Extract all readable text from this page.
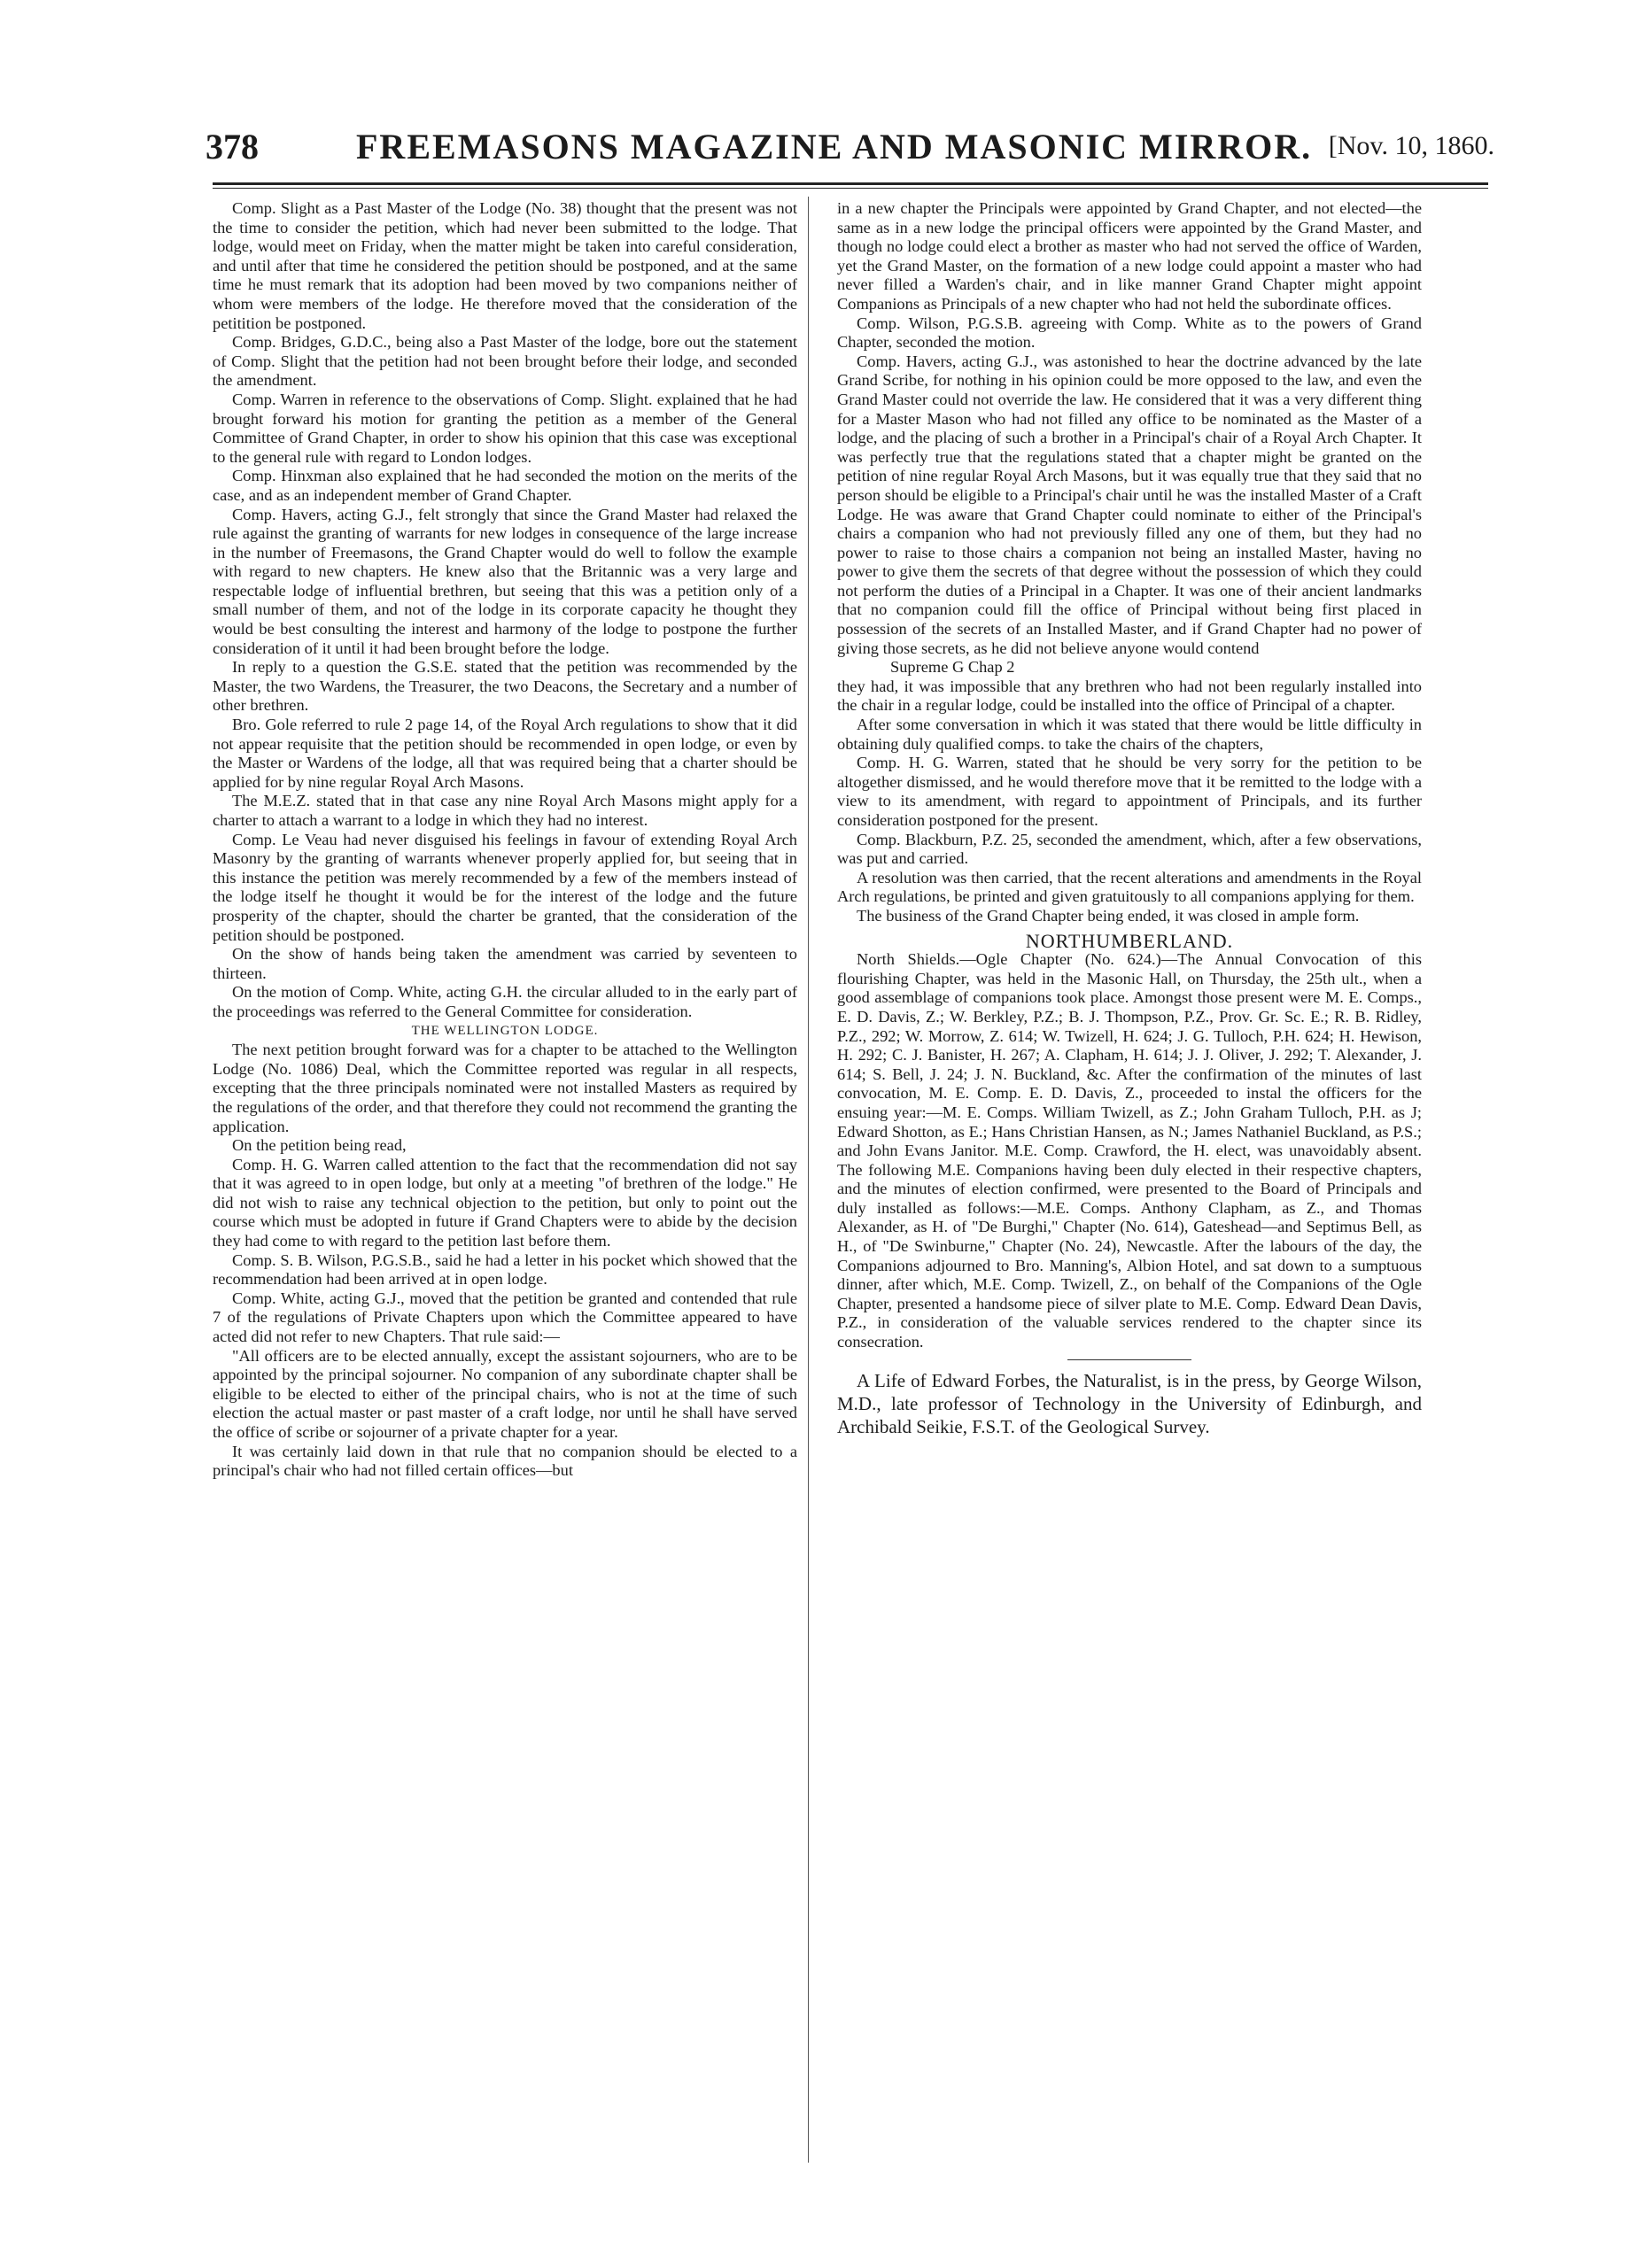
378	FREEMASONS MAGAZINE AND MASONIC MIRROR. [Nov. 10, 1860.

Comp. Slight as a Past Master of the Lodge (No. 38) thought that the present was not the time to consider the petition, which had never been submitted to the lodge. That lodge, would meet on Friday, when the matter might be taken into careful consideration, and until after that time he considered the petition should be postponed, and at the same time he must remark that its adoption had been moved by two companions neither of whom were members of the lodge. He therefore moved that the consideration of the petitition be postponed.

Comp. Bridges, G.D.C., being also a Past Master of the lodge, bore out the statement of Comp. Slight that the petition had not been brought before their lodge, and seconded the amendment.

Comp. Warren in reference to the observations of Comp. Slight. explained that he had brought forward his motion for granting the petition as a member of the General Committee of Grand Chapter, in order to show his opinion that this case was exceptional to the general rule with regard to London lodges.

Comp. Hinxman also explained that he had seconded the motion on the merits of the case, and as an independent member of Grand Chapter.

Comp. Havers, acting G.J., felt strongly that since the Grand Master had relaxed the rule against the granting of warrants for new lodges in consequence of the large increase in the number of Freemasons, the Grand Chapter would do well to follow the example with regard to new chapters. He knew also that the Britannic was a very large and respectable lodge of influential brethren, but seeing that this was a petition only of a small number of them, and not of the lodge in its corporate capacity he thought they would be best consulting the interest and harmony of the lodge to postpone the further consideration of it until it had been brought before the lodge.

In reply to a question the G.S.E. stated that the petition was recommended by the Master, the two Wardens, the Treasurer, the two Deacons, the Secretary and a number of other brethren.

Bro. Gole referred to rule 2 page 14, of the Royal Arch regulations to show that it did not appear requisite that the petition should be recommended in open lodge, or even by the Master or Wardens of the lodge, all that was required being that a charter should be applied for by nine regular Royal Arch Masons.

The M.E.Z. stated that in that case any nine Royal Arch Masons might apply for a charter to attach a warrant to a lodge in which they had no interest.

Comp. Le Veau had never disguised his feelings in favour of extending Royal Arch Masonry by the granting of warrants whenever properly applied for, but seeing that in this instance the petition was merely recommended by a few of the members instead of the lodge itself he thought it would be for the interest of the lodge and the future prosperity of the chapter, should the charter be granted, that the consideration of the petition should be postponed.

On the show of hands being taken the amendment was carried by seventeen to thirteen.

On the motion of Comp. White, acting G.H. the circular alluded to in the early part of the proceedings was referred to the General Committee for consideration.

THE WELLINGTON LODGE.

The next petition brought forward was for a chapter to be attached to the Wellington Lodge (No. 1086) Deal, which the Committee reported was regular in all respects, excepting that the three principals nominated were not installed Masters as required by the regulations of the order, and that therefore they could not recommend the granting the application.

On the petition being read,

Comp. H. G. Warren called attention to the fact that the recommendation did not say that it was agreed to in open lodge, but only at a meeting "of brethren of the lodge." He did not wish to raise any technical objection to the petition, but only to point out the course which must be adopted in future if Grand Chapters were to abide by the decision they had come to with regard to the petition last before them.

Comp. S. B. Wilson, P.G.S.B., said he had a letter in his pocket which showed that the recommendation had been arrived at in open lodge.

Comp. White, acting G.J., moved that the petition be granted and contended that rule 7 of the regulations of Private Chapters upon which the Committee appeared to have acted did not refer to new Chapters. That rule said:—

"All officers are to be elected annually, except the assistant sojourners, who are to be appointed by the principal sojourner. No companion of any subordinate chapter shall be eligible to be elected to either of the principal chairs, who is not at the time of such election the actual master or past master of a craft lodge, nor until he shall have served the office of scribe or sojourner of a private chapter for a year.

It was certainly laid down in that rule that no companion should be elected to a principal's chair who had not filled certain offices—but

in a new chapter the Principals were appointed by Grand Chapter, and not elected—the same as in a new lodge the principal officers were appointed by the Grand Master, and though no lodge could elect a brother as master who had not served the office of Warden, yet the Grand Master, on the formation of a new lodge could appoint a master who had never filled a Warden's chair, and in like manner Grand Chapter might appoint Companions as Principals of a new chapter who had not held the subordinate offices.

Comp. Wilson, P.G.S.B. agreeing with Comp. White as to the powers of Grand Chapter, seconded the motion.

Comp. Havers, acting G.J., was astonished to hear the doctrine advanced by the late Grand Scribe, for nothing in his opinion could be more opposed to the law, and even the Grand Master could not override the law. He considered that it was a very different thing for a Master Mason who had not filled any office to be nominated as the Master of a lodge, and the placing of such a brother in a Principal's chair of a Royal Arch Chapter. It was perfectly true that the regulations stated that a chapter might be granted on the petition of nine regular Royal Arch Masons, but it was equally true that they said that no person should be eligible to a Principal's chair until he was the installed Master of a Craft Lodge. He was aware that Grand Chapter could nominate to either of the Principal's chairs a companion who had not previously filled any one of them, but they had no power to raise to those chairs a companion not being an installed Master, having no power to give them the secrets of that degree without the possession of which they could not perform the duties of a Principal in a Chapter. It was one of their ancient landmarks that no companion could fill the office of Principal without being first placed in possession of the secrets of an Installed Master, and if Grand Chapter had no power of giving those secrets, as he did not believe anyone would contend

Supreme G Chap 2

they had, it was impossible that any brethren who had not been regularly installed into the chair in a regular lodge, could be installed into the office of Principal of a chapter.

After some conversation in which it was stated that there would be little difficulty in obtaining duly qualified comps. to take the chairs of the chapters,

Comp. H. G. Warren, stated that he should be very sorry for the petition to be altogether dismissed, and he would therefore move that it be remitted to the lodge with a view to its amendment, with regard to appointment of Principals, and its further consideration postponed for the present.

Comp. Blackburn, P.Z. 25, seconded the amendment, which, after a few observations, was put and carried.

A resolution was then carried, that the recent alterations and amendments in the Royal Arch regulations, be printed and given gratuitously to all companions applying for them.

The business of the Grand Chapter being ended, it was closed in ample form.

NORTHUMBERLAND.

North Shields.—Ogle Chapter (No. 624.)—The Annual Convocation of this flourishing Chapter, was held in the Masonic Hall, on Thursday, the 25th ult., when a good assemblage of companions took place. Amongst those present were M. E. Comps., E. D. Davis, Z.; W. Berkley, P.Z.; B. J. Thompson, P.Z., Prov. Gr. Sc. E.; R. B. Ridley, P.Z., 292; W. Morrow, Z. 614; W. Twizell, H. 624; J. G. Tulloch, P.H. 624; H. Hewison, H. 292; C. J. Banister, H. 267; A. Clapham, H. 614; J. J. Oliver, J. 292; T. Alexander, J. 614; S. Bell, J. 24; J. N. Buckland, &c. After the confirmation of the minutes of last convocation, M. E. Comp. E. D. Davis, Z., proceeded to instal the officers for the ensuing year:—M. E. Comps. William Twizell, as Z.; John Graham Tulloch, P.H. as J; Edward Shotton, as E.; Hans Christian Hansen, as N.; James Nathaniel Buckland, as P.S.; and John Evans Janitor. M.E. Comp. Crawford, the H. elect, was unavoidably absent. The following M.E. Companions having been duly elected in their respective chapters, and the minutes of election confirmed, were presented to the Board of Principals and duly installed as follows:—M.E. Comps. Anthony Clapham, as Z., and Thomas Alexander, as H. of "De Burghi," Chapter (No. 614), Gateshead—and Septimus Bell, as H., of "De Swinburne," Chapter (No. 24), Newcastle. After the labours of the day, the Companions adjourned to Bro. Manning's, Albion Hotel, and sat down to a sumptuous dinner, after which, M.E. Comp. Twizell, Z., on behalf of the Companions of the Ogle Chapter, presented a handsome piece of silver plate to M.E. Comp. Edward Dean Davis, P.Z., in consideration of the valuable services rendered to the chapter since its consecration.

A Life of Edward Forbes, the Naturalist, is in the press, by George Wilson, M.D., late professor of Technology in the University of Edinburgh, and Archibald Seikie, F.S.T. of the Geological Survey.
